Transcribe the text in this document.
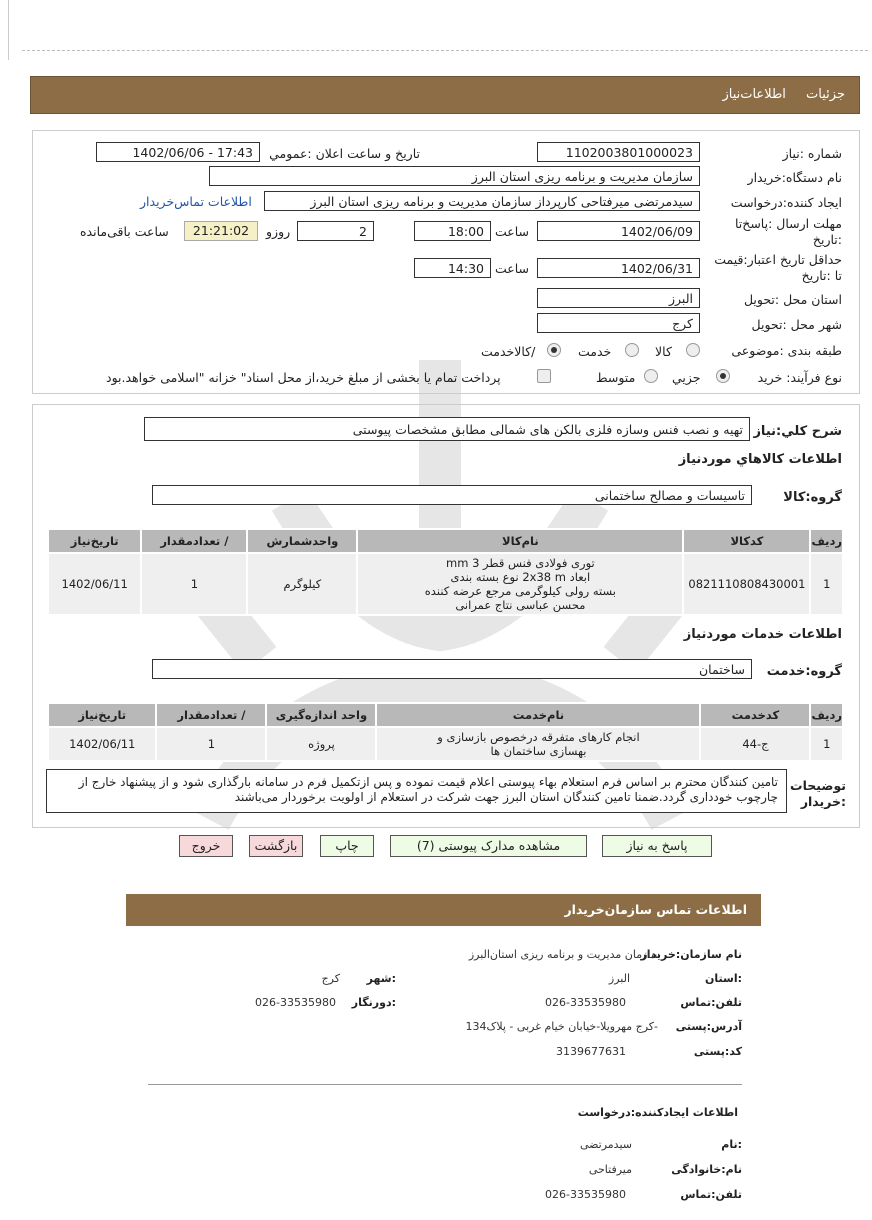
جزئیات اطلاعات‌نیاز
شماره :نیاز
1102003801000023
تاریخ و ساعت اعلان :عمومي
1402/06/06 - 17:43
نام دستگاه:خریدار
سازمان مدیریت و برنامه ریزی استان البرز
ایجاد کننده:درخواست
سیدمرتضی میرفتاحی کارپرداز سازمان مدیریت و برنامه ریزی استان البرز
اطلاعات تماس‌خریدار
مهلت ارسال :پاسخ‌تا :تاریخ
1402/06/09
ساعت
18:00
2
روزو
21:21:02
ساعت باقی‌مانده
حداقل تاریخ اعتبار:قیمت تا :تاریخ
1402/06/31
ساعت
14:30
استان محل :تحویل
البرز
شهر محل :تحویل
کرج
طبقه بندی :موضوعی
کالا
خدمت
/کالاخدمت
نوع فرآیند: خرید
جزیي
متوسط
پرداخت تمام یا بخشی از مبلغ خرید،از محل اسناد" خزانه "اسلامی خواهد.بود
شرح کلي:نیاز
تهیه و نصب فنس وسازه فلزی بالکن های شمالی مطابق مشخصات پیوستی
اطلاعات کالاهاي موردنیاز
گروه:کالا
تاسیسات و مصالح ساختمانی
ردیف	کدکالا	نام‌کالا	واحدشمارش	/ تعدادمقدار	تاریخ‌نیاز
1	0821110808430001	توری فولادی فنس قطر 3 mm
ابعاد 2x38 m نوع بسته بندی
بسته رولی کیلوگرمی مرجع عرضه کننده
محسن عباسی نتاج عمرانی	کیلوگرم	1	1402/06/11
اطلاعات خدمات موردنیاز
گروه:خدمت
ساختمان
ردیف	کدخدمت	نام‌خدمت	واحد اندازه‌گیری	/ تعدادمقدار	تاریخ‌نیاز
1	ج-44	انجام کارهای متفرقه درخصوص بازسازی و
بهسازی ساختمان ها	پروژه	1	1402/06/11
توضیحات :خریدار
تامین کنندگان محترم بر اساس فرم استعلام بهاء پیوستی اعلام قیمت نموده و پس ازتکمیل فرم در سامانه بارگذاری شود و از پیشنهاد خارج از چارچوب خودداری گردد.ضمنا تامین کنندگان استان البرز جهت شرکت در استعلام از اولویت برخوردار می‌باشند
پاسخ به نیاز
مشاهده مدارک پیوستی (7)
چاپ
بازگشت
خروج
اطلاعات تماس سازمان‌خریدار
نام سازمان:خریدار
سازمان مدیریت و برنامه ریزی استان‌البرز
:استان
البرز
:شهر
کرج
تلفن:تماس
026-33535980
:دورنگار
026-33535980
آدرس:پستی
-کرج مهرویلا-خیابان خیام غربی - پلاک134
کد:پستی
3139677631
اطلاعات ایجادکننده:درخواست
:نام
سیدمرتضی
نام:خانوادگی
میرفتاحی
تلفن:تماس
026-33535980
